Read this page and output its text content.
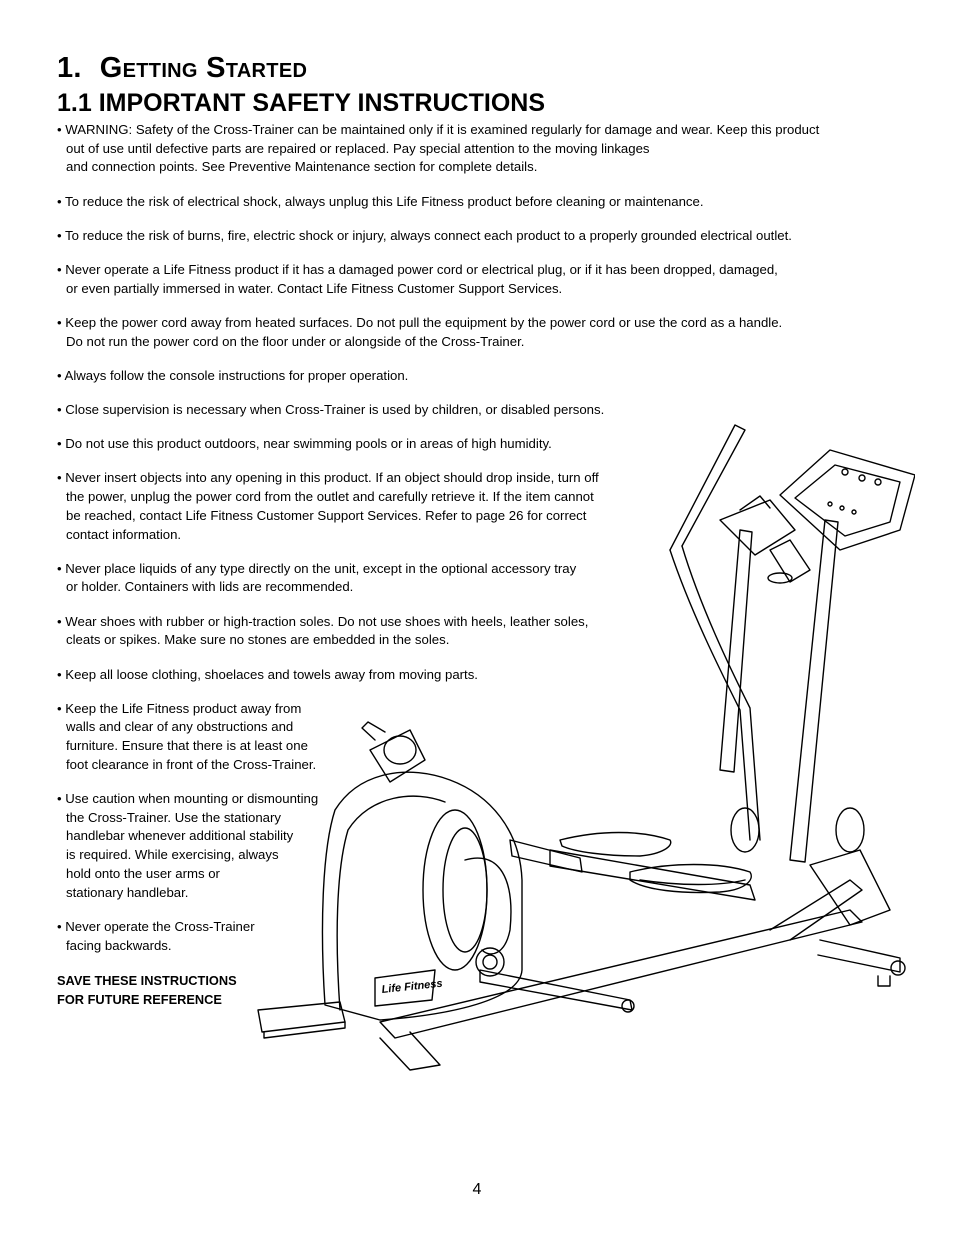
1. Getting Started
1.1 IMPORTANT SAFETY INSTRUCTIONS
• WARNING: Safety of the Cross-Trainer can be maintained only if it is examined regularly for damage and wear. Keep this product
out of use until defective parts are repaired or replaced. Pay special attention to the moving linkages
and connection points. See Preventive Maintenance section for complete details.
• To reduce the risk of electrical shock, always unplug this Life Fitness product before cleaning or maintenance.
• To reduce the risk of burns, fire, electric shock or injury, always connect each product to a properly grounded electrical outlet.
• Never operate a Life Fitness product if it has a damaged power cord or electrical plug, or if it has been dropped, damaged,
or even partially immersed in water. Contact Life Fitness Customer Support Services.
• Keep the power cord away from heated surfaces. Do not pull the equipment by the power cord or use the cord as a handle.
Do not run the power cord on the floor under or alongside of the Cross-Trainer.
• Always follow the console instructions for proper operation.
• Close supervision is necessary when Cross-Trainer is used by children, or disabled persons.
• Do not use this product outdoors, near swimming pools or in areas of high humidity.
• Never insert objects into any opening in this product. If an object should drop inside, turn off
the power, unplug the power cord from the outlet and carefully retrieve it. If the item cannot
be reached, contact Life Fitness Customer Support Services. Refer to page 26 for correct
contact information.
• Never place liquids of any type directly on the unit, except in the optional accessory tray
or holder. Containers with lids are recommended.
• Wear shoes with rubber or high-traction soles. Do not use shoes with heels, leather soles,
cleats or spikes. Make sure no stones are embedded in the soles.
• Keep all loose clothing, shoelaces and towels away from moving parts.
• Keep the Life Fitness product away from
walls and clear of any obstructions and
furniture. Ensure that there is at least one
foot clearance in front of the Cross-Trainer.
• Use caution when mounting or dismounting
the Cross-Trainer. Use the stationary
handlebar whenever additional stability
is required. While exercising, always
hold onto the user arms or
stationary handlebar.
• Never operate the Cross-Trainer
facing backwards.
SAVE THESE INSTRUCTIONS
FOR FUTURE REFERENCE
Life Fitness
4
